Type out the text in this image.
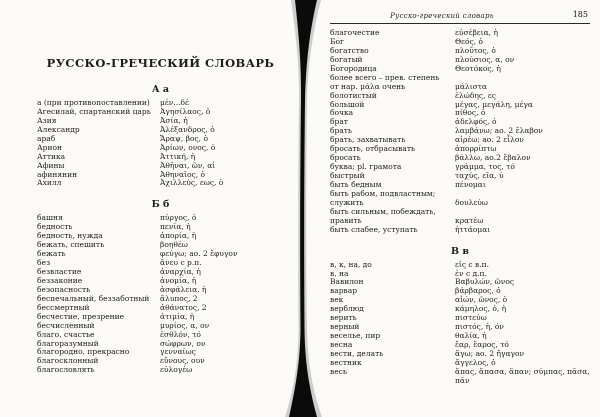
РУССКО-ГРЕЧЕСКИЙ СЛОВАРЬ
А а
а (при противопоставлении)	μέν...δέ
Агесилай, спартанский царь	Ἀγησίλαος, ὁ
Азия	Ἀσία, ἡ
Александр	Ἀλέξανδρος, ὁ
араб	Ἄραψ, βος, ὁ
Арион	Ἀρίων, ονος, ὁ
Аттика	Ἀττική, ἡ
Афины	Ἀθῆναι, ῶν, αἱ
афинянин	Ἀθηναῖος, ὁ
Ахилл	Ἀχιλλεύς, εως, ὁ
Б б
башня	πύργος, ὁ
бедность	πενία, ἡ
бедность, нужда	ἀπορία, ἡ
бежать, спешить	βοηθέω
бежать	φεύγω; ао. 2 ἔφυγον
без	ἄνευ с р.п.
безвластие	ἀναρχία, ἡ
беззаконие	ἀνομία, ἡ
безопасность	ἀσφάλεια, ἡ
беспечальный, беззаботный	ἄλυπος, 2
бессмертный	ἀθάνατος, 2
бесчестие, презрение	ἀτιμία, ἡ
бесчисленный	μυρίος, α, ον
благо, счастье	ἐσθλόν, τό
благоразумный	σώφρων, ον
благородно, прекрасно	γενναίως
благосклонный	εὔνους, ουν
благословлять	εὐλογέω
Русско-греческий словарь	185
благочестие	εὐσέβεια, ἡ
Бог	Θεός, ὁ
богатство	πλοῦτος, ὁ
богатый	πλούσιος, α, ον
Богородица	Θεοτόκος, ἡ
более всего – прев. степень
от нар. μάλα очень	μάλιστα
болотистый	ἑλώδης, ες
большой	μέγας, μεγάλη, μέγα
бочка	πίθος, ὁ
брат	ἀδελφός, ὁ
брать	λαμβάνω; ао. 2 ἔλαβον
брать, захватывать	αἱρέω; ао. 2 εἷλον
бросать, отбрасывать	ἀπορρίπτω
бросать	βάλλω, ао.2 ἔβαλον
буква; pl. грамота	γράμμα, τος, τό
быстрый	ταχύς, εῖα, ύ
быть бедным	πένομαι
быть рабом, подвластным;
служить	δουλεύω
быть сильным, побеждать,
править	κρατέω
быть слабее, уступать	ἡττάομαι
В в
в, к, на, до	εἰς с в.п.
в, на	ἐν с д.п.
Вавилон	Βαβυλών, ῶνος
варвар	βάρβαρος, ὁ
век	αἰών, ῶνος, ὁ
верблюд	κάμηλος, ὁ, ἡ
верить	πιστεύω
верный	πιστός, ἡ, όν
веселье, пир	θαλία, ἡ
весна	ἔαρ, ἔαρος, τό
вести, делать	ἄγω; ао. 2 ἤγαγον
вестник	ἄγγελος, ὁ
весь	ἅπας, ἅπασα, ἅπαν; σύμπας, πᾶσα, πᾶν
